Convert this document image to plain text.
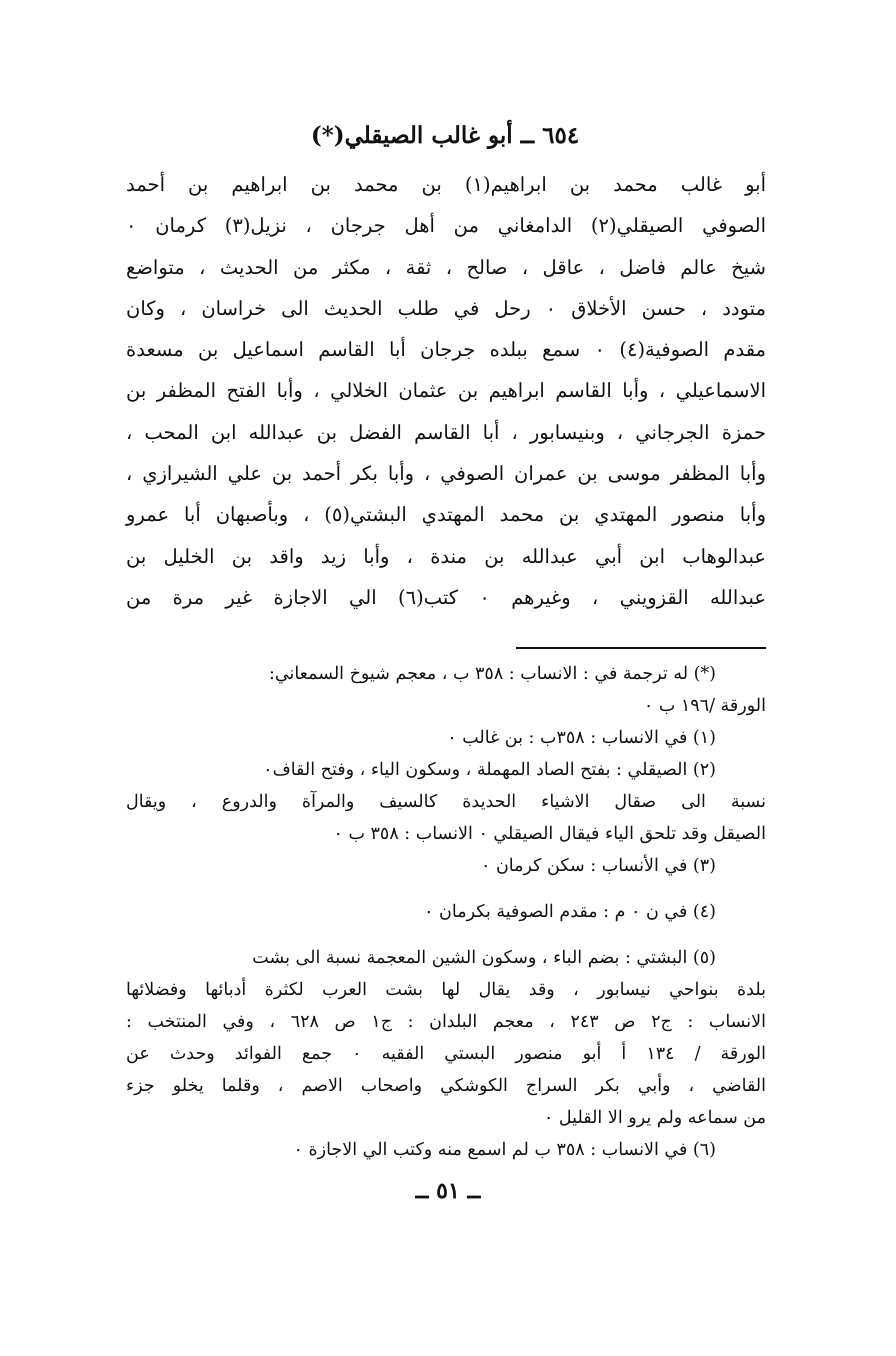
٦٥٤ ــ أبو غالب الصيقلي(*)
أبو غالب محمد بن ابراهيم(١) بن محمد بن ابراهيم بن أحمد
الصوفي الصيقلي(٢) الدامغاني من أهل جرجان ، نزيل(٣) كرمان ٠
شيخ عالم فاضل ، عاقل ، صالح ، ثقة ، مكثر من الحديث ، متواضع
متودد ، حسن الأخلاق ٠ رحل في طلب الحديث الى خراسان ، وكان
مقدم الصوفية(٤) ٠ سمع ببلده جرجان أبا القاسم اسماعيل بن مسعدة
الاسماعيلي ، وأبا القاسم ابراهيم بن عثمان الخلالي ، وأبا الفتح المظفر بن
حمزة الجرجاني ، وبنيسابور ، أبا القاسم الفضل بن عبدالله ابن المحب ،
وأبا المظفر موسى بن عمران الصوفي ، وأبا بكر أحمد بن علي الشيرازي ،
وأبا منصور المهتدي بن محمد المهتدي البشتي(٥) ، وبأصبهان أبا عمرو
عبدالوهاب ابن أبي عبدالله بن مندة ، وأبا زيد واقد بن الخليل بن
عبدالله القزويني ، وغيرهم ٠ كتب(٦) الي الاجازة غير مرة من
(*) له ترجمة في : الانساب : ٣٥٨ ب ، معجم شيوخ السمعاني:
الورقة /١٩٦ ب ٠
(١) في الانساب : ٣٥٨ب : بن غالب ٠
(٢) الصيقلي : بفتح الصاد المهملة ، وسكون الياء ، وفتح القاف٠
نسبة الى صقال الاشياء الحديدة كالسيف والمرآة والدروع ، ويقال
الصيقل وقد تلحق الياء فيقال الصيقلي ٠ الانساب : ٣٥٨ ب ٠
(٣) في الأنساب : سكن كرمان ٠
(٤) في ن ٠ م : مقدم الصوفية بكرمان ٠
(٥) البشتي : بضم الباء ، وسكون الشين المعجمة نسبة الى بشت
بلدة بنواحي نيسابور ، وقد يقال لها بشت العرب لكثرة أدبائها وفضلائها
الانساب : ج٢ ص ٢٤٣ ، معجم البلدان : ج١ ص ٦٢٨ ، وفي المنتخب :
الورقة / ١٣٤ أ أبو منصور البستي الفقيه ٠ جمع الفوائد وحدث عن
القاضي ، وأبي بكر السراج الكوشكي واصحاب الاصم ، وقلما يخلو جزء
من سماعه ولم يرو الا القليل ٠
(٦) في الانساب : ٣٥٨ ب لم اسمع منه وكتب الي الاجازة ٠
ــ ٥١ ــ
